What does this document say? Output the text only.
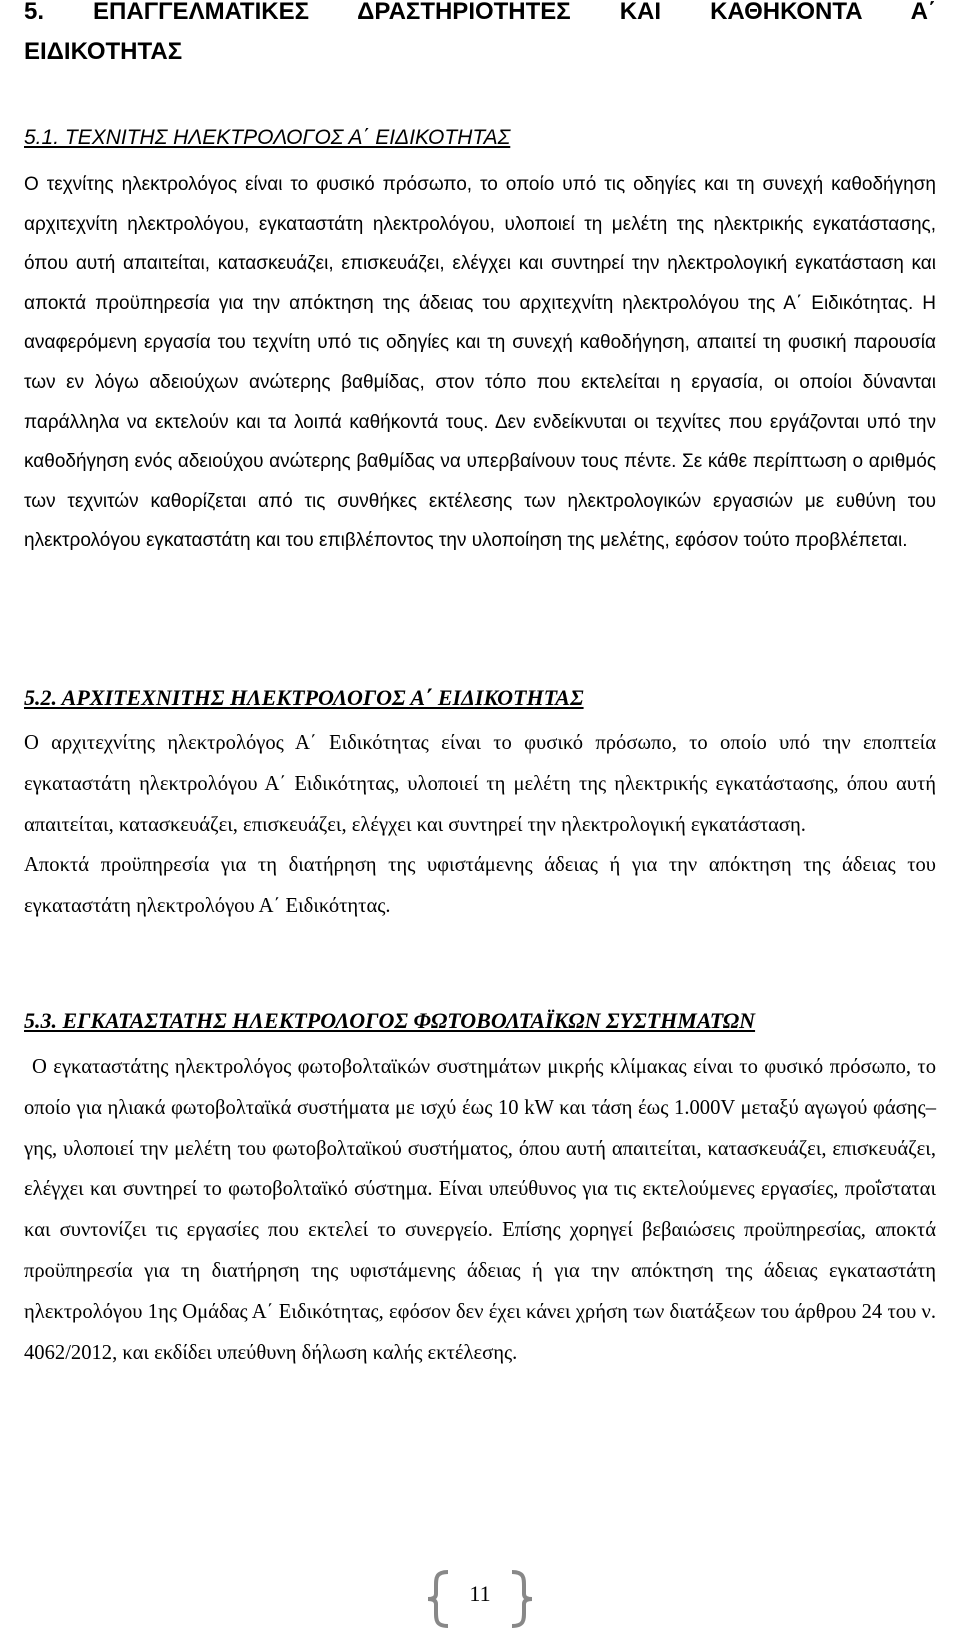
5. ΕΠΑΓΓΕΛΜΑΤΙΚΕΣ ΔΡΑΣΤΗΡΙΟΤΗΤΕΣ ΚΑΙ ΚΑΘΗΚΟΝΤΑ Α΄
ΕΙΔΙΚΟΤΗΤΑΣ
5.1. ΤΕΧΝΙΤΗΣ ΗΛΕΚΤΡΟΛΟΓΟΣ Α΄ ΕΙΔΙΚΟΤΗΤΑΣ

Ο τεχνίτης ηλεκτρολόγος είναι το φυσικό πρόσωπο, το οποίο υπό τις οδηγίες και τη συνεχή καθοδήγηση αρχιτεχνίτη ηλεκτρολόγου, εγκαταστάτη ηλεκτρολόγου, υλοποιεί τη μελέτη της ηλεκτρικής εγκατάστασης, όπου αυτή απαιτείται, κατασκευάζει, επισκευάζει, ελέγχει και συντηρεί την ηλεκτρολογική εγκατάσταση και αποκτά προϋπηρεσία για την απόκτηση της άδειας του αρχιτεχνίτη ηλεκτρολόγου της Α΄ Ειδικότητας. Η αναφερόμενη εργασία του τεχνίτη υπό τις οδηγίες και τη συνεχή καθοδήγηση, απαιτεί τη φυσική παρουσία των εν λόγω αδειούχων ανώτερης βαθμίδας, στον τόπο που εκτελείται η εργασία, οι οποίοι δύνανται παράλληλα να εκτελούν και τα λοιπά καθήκοντά τους. Δεν ενδείκνυται οι τεχνίτες που εργάζονται υπό την καθοδήγηση ενός αδειούχου ανώτερης βαθμίδας να υπερβαίνουν τους πέντε. Σε κάθε περίπτωση ο αριθμός των τεχνιτών καθορίζεται από τις συνθήκες εκτέλεσης των ηλεκτρολογικών εργασιών με ευθύνη του ηλεκτρολόγου εγκαταστάτη και του επιβλέποντος την υλοποίηση της μελέτης, εφόσον τούτο προβλέπεται.

5.2. ΑΡΧΙΤΕΧΝΙΤΗΣ ΗΛΕΚΤΡΟΛΟΓΟΣ Α΄ ΕΙΔΙΚΟΤΗΤΑΣ

Ο αρχιτεχνίτης ηλεκτρολόγος Α΄ Ειδικότητας είναι το φυσικό πρόσωπο, το οποίο υπό την εποπτεία εγκαταστάτη ηλεκτρολόγου Α΄ Ειδικότητας, υλοποιεί τη μελέτη της ηλεκτρικής εγκατάστασης, όπου αυτή απαιτείται, κατασκευάζει, επισκευάζει, ελέγχει και συντηρεί την ηλεκτρολογική εγκατάσταση.

Αποκτά προϋπηρεσία για τη διατήρηση της υφιστάμενης άδειας ή για την απόκτηση της άδειας του εγκαταστάτη ηλεκτρολόγου Α΄ Ειδικότητας.

5.3. ΕΓΚΑΤΑΣΤΑΤΗΣ ΗΛΕΚΤΡΟΛΟΓΟΣ ΦΩΤΟΒΟΛΤΑΪΚΩΝ ΣΥΣΤΗΜΑΤΩΝ

Ο εγκαταστάτης ηλεκτρολόγος φωτοβολταϊκών συστημάτων μικρής κλίμακας είναι το φυσικό πρόσωπο, το οποίο για ηλιακά φωτοβολταϊκά συστήματα με ισχύ έως 10 kW και τάση έως 1.000V μεταξύ αγωγού φάσης–γης, υλοποιεί την μελέτη του φωτοβολταϊκού συστήματος, όπου αυτή απαιτείται, κατασκευάζει, επισκευάζει, ελέγχει και συντηρεί το φωτοβολταϊκό σύστημα. Είναι υπεύθυνος για τις εκτελούμενες εργασίες, προΐσταται και συντονίζει τις εργασίες που εκτελεί το συνεργείο. Επίσης χορηγεί βεβαιώσεις προϋπηρεσίας, αποκτά προϋπηρεσία για τη διατήρηση της υφιστάμενης άδειας ή για την απόκτηση της άδειας εγκαταστάτη ηλεκτρολόγου 1ης Ομάδας Α΄ Ειδικότητας, εφόσον δεν έχει κάνει χρήση των διατάξεων του άρθρου 24 του ν. 4062/2012, και εκδίδει υπεύθυνη δήλωση καλής εκτέλεσης.

11
